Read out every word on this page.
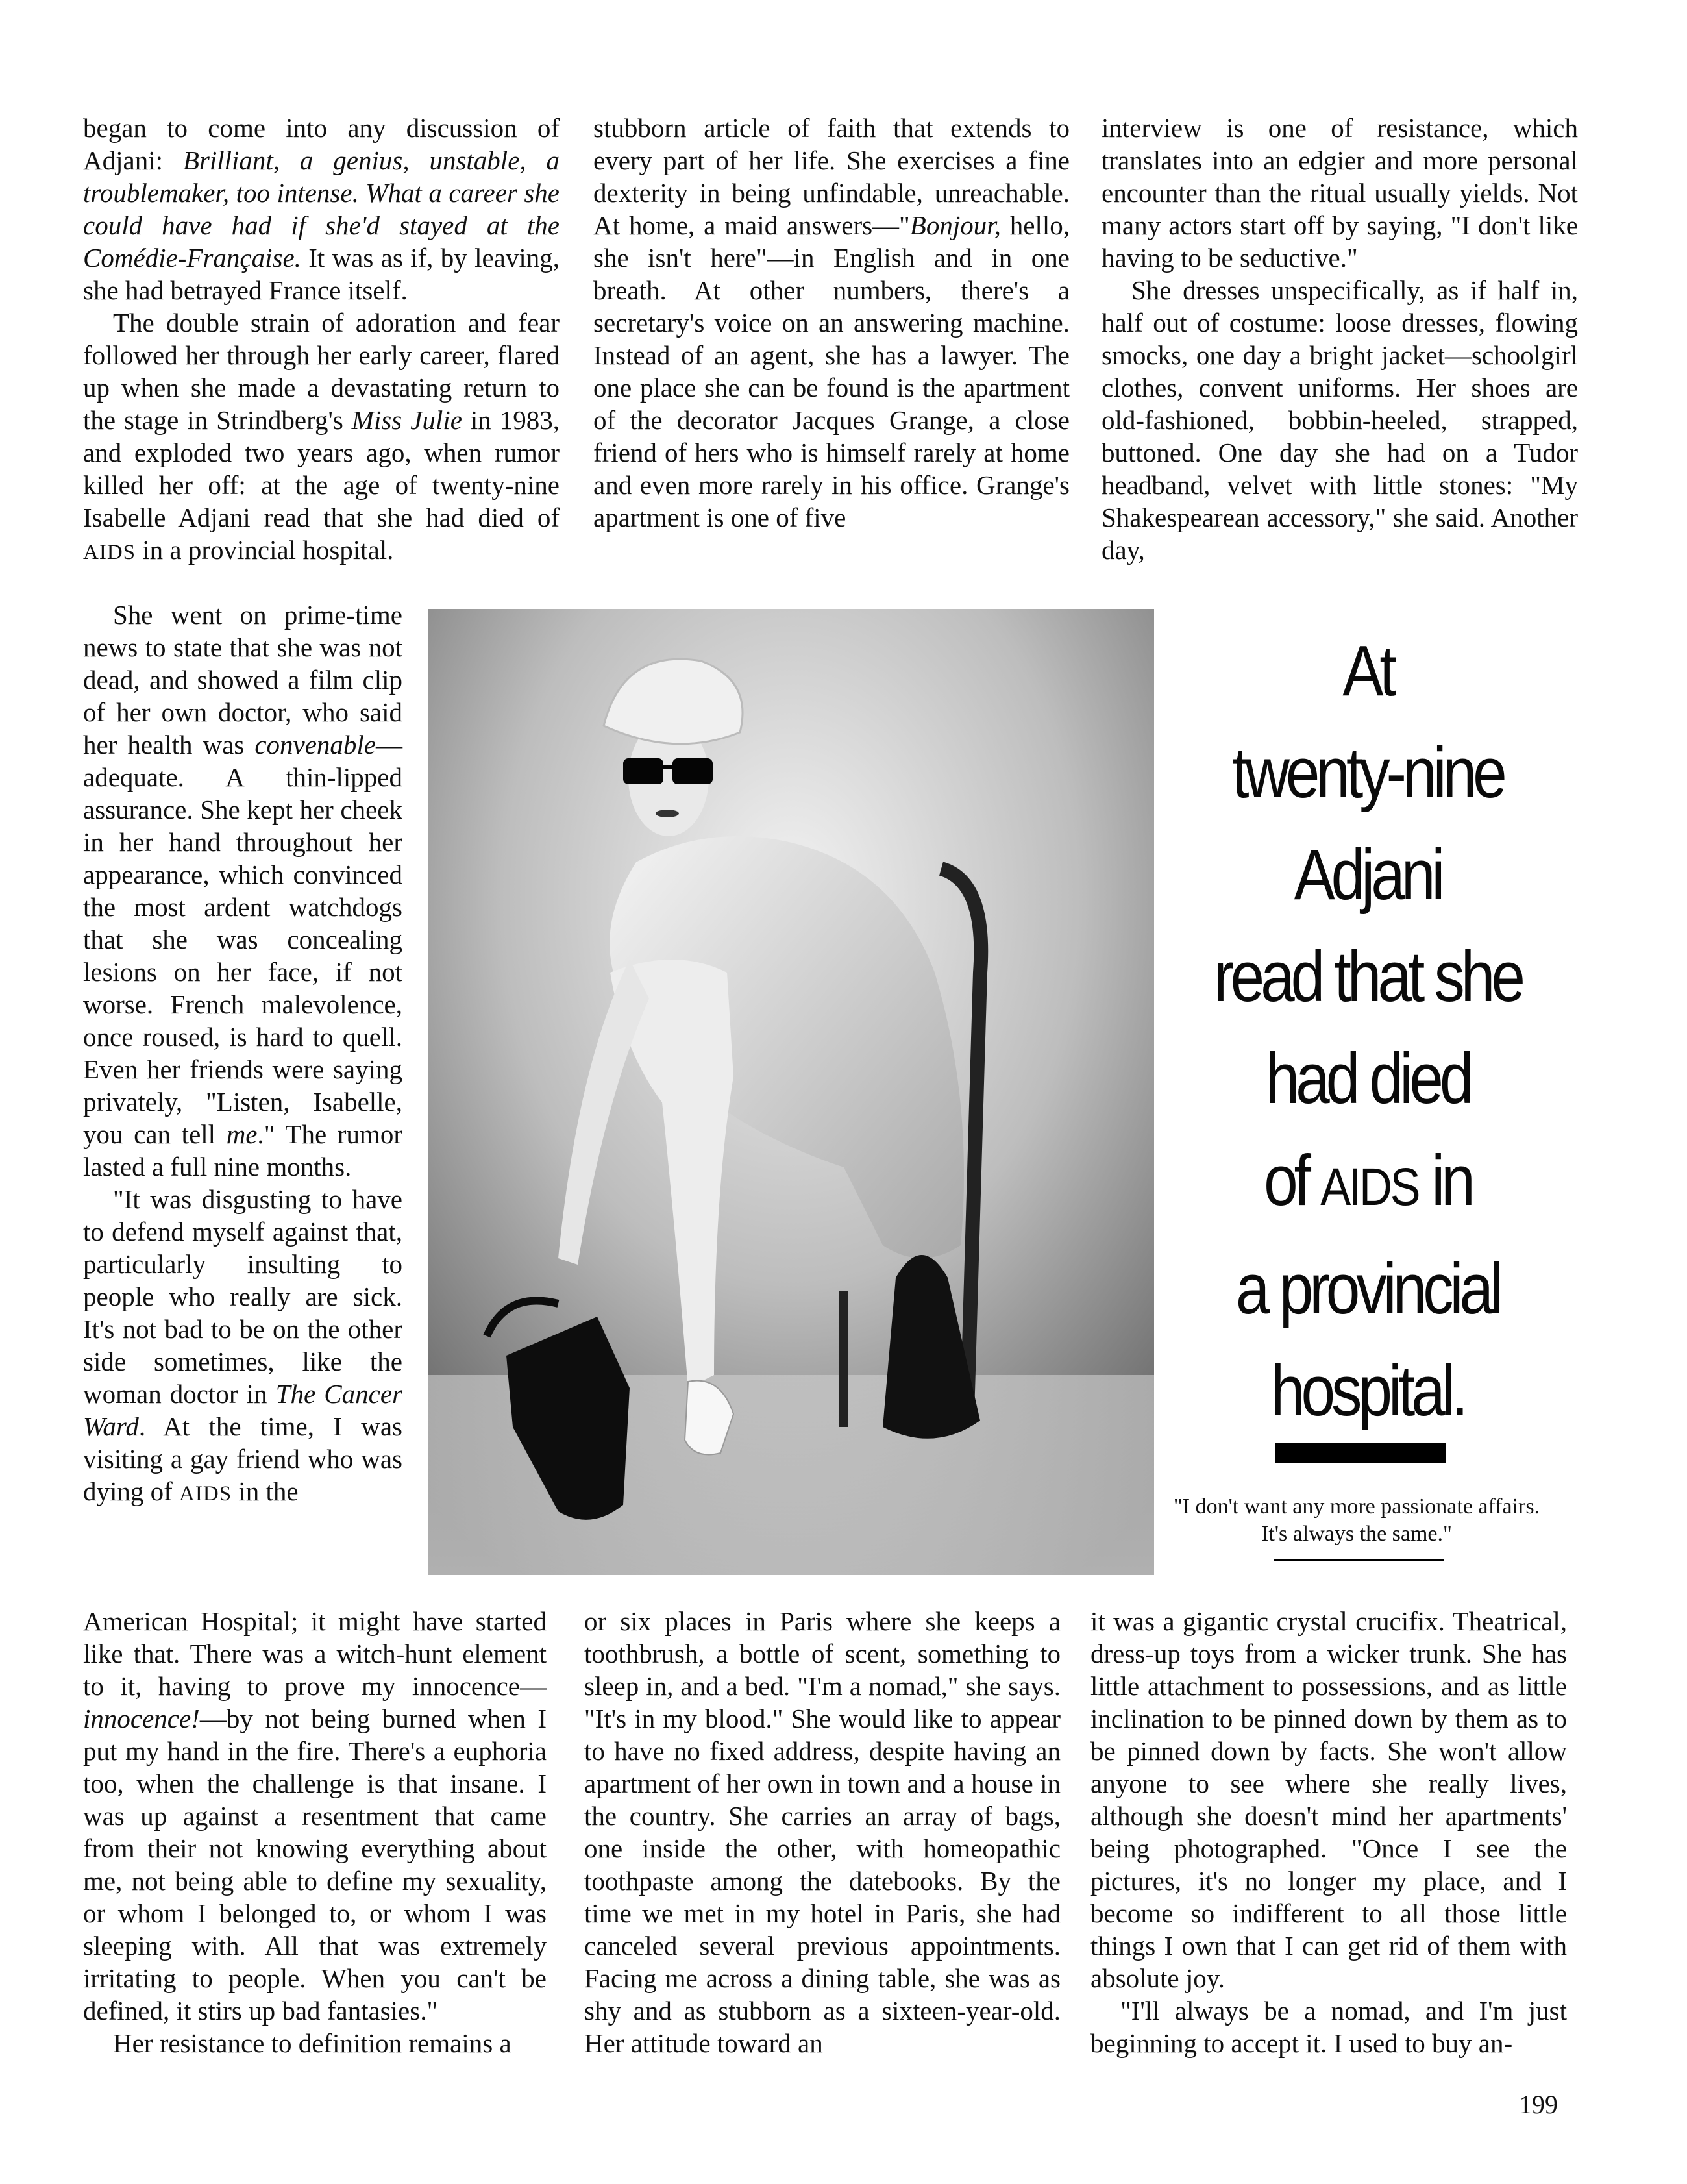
began to come into any discussion of Adjani: Brilliant, a genius, unstable, a troublemaker, too intense. What a career she could have had if she'd stayed at the Comédie-Française. It was as if, by leaving, she had betrayed France itself.

The double strain of adoration and fear followed her through her early career, flared up when she made a devastating return to the stage in Strindberg's Miss Julie in 1983, and exploded two years ago, when rumor killed her off: at the age of twenty-nine Isabelle Adjani read that she had died of AIDS in a provincial hospital.

She went on prime-time news to state that she was not dead, and showed a film clip of her own doctor, who said her health was convenable—adequate. A thin-lipped assurance. She kept her cheek in her hand throughout her appearance, which convinced the most ardent watchdogs that she was concealing lesions on her face, if not worse. French malevolence, once roused, is hard to quell. Even her friends were saying privately, "Listen, Isabelle, you can tell me." The rumor lasted a full nine months.

"It was disgusting to have to defend myself against that, particularly insulting to people who really are sick. It's not bad to be on the other side sometimes, like the woman doctor in The Cancer Ward. At the time, I was visiting a gay friend who was dying of AIDS in the

American Hospital; it might have started like that. There was a witch-hunt element to it, having to prove my innocence—innocence!—by not being burned when I put my hand in the fire. There's a euphoria too, when the challenge is that insane. I was up against a resentment that came from their not knowing everything about me, not being able to define my sexuality, or whom I belonged to, or whom I was sleeping with. All that was extremely irritating to people. When you can't be defined, it stirs up bad fantasies."

Her resistance to definition remains a

stubborn article of faith that extends to every part of her life. She exercises a fine dexterity in being unfindable, unreachable. At home, a maid answers—"Bonjour, hello, she isn't here"—in English and in one breath. At other numbers, there's a secretary's voice on an answering machine. Instead of an agent, she has a lawyer. The one place she can be found is the apartment of the decorator Jacques Grange, a close friend of hers who is himself rarely at home and even more rarely in his office. Grange's apartment is one of five

or six places in Paris where she keeps a toothbrush, a bottle of scent, something to sleep in, and a bed. "I'm a nomad," she says. "It's in my blood." She would like to appear to have no fixed address, despite having an apartment of her own in town and a house in the country. She carries an array of bags, one inside the other, with homeopathic toothpaste among the datebooks. By the time we met in my hotel in Paris, she had canceled several previous appointments. Facing me across a dining table, she was as shy and as stubborn as a sixteen-year-old. Her attitude toward an

interview is one of resistance, which translates into an edgier and more personal encounter than the ritual usually yields. Not many actors start off by saying, "I don't like having to be seductive."

She dresses unspecifically, as if half in, half out of costume: loose dresses, flowing smocks, one day a bright jacket—schoolgirl clothes, convent uniforms. Her shoes are old-fashioned, bobbin-heeled, strapped, buttoned. One day she had on a Tudor headband, velvet with little stones: "My Shakespearean accessory," she said. Another day,

it was a gigantic crystal crucifix. Theatrical, dress-up toys from a wicker trunk. She has little attachment to possessions, and as little inclination to be pinned down by them as to be pinned down by facts. She won't allow anyone to see where she really lives, although she doesn't mind her apartments' being photographed. "Once I see the pictures, it's no longer my place, and I become so indifferent to all those little things I own that I can get rid of them with absolute joy.

"I'll always be a nomad, and I'm just beginning to accept it. I used to buy an-

At
twenty-nine
Adjani
read that she
had died
of AIDS in
a provincial
hospital.
"I don't want any more passionate affairs. It's always the same."
199
